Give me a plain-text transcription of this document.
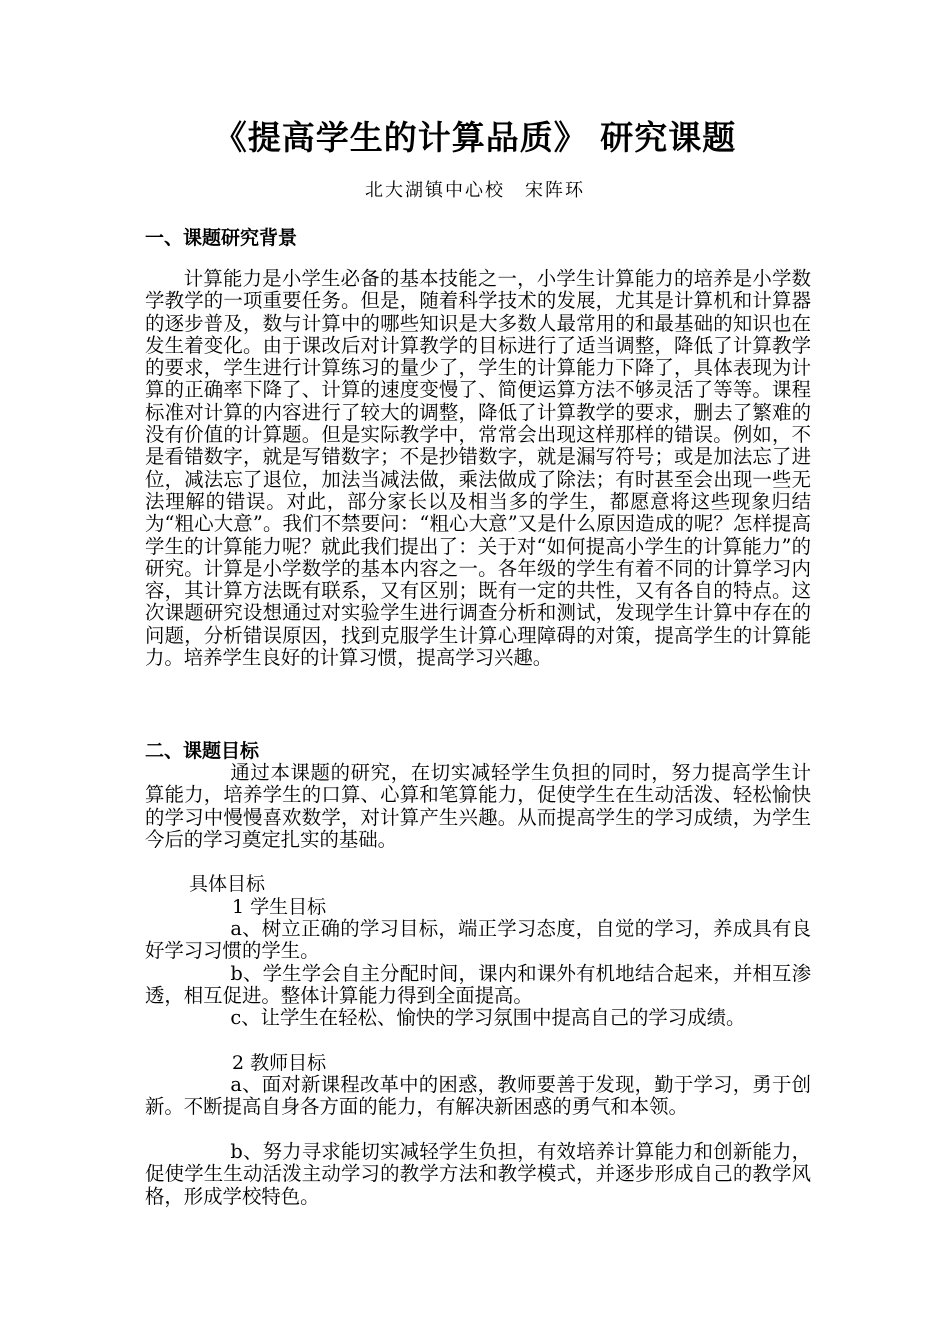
《提高学生的计算品质》 研究课题
北大湖镇中心校　宋阵环
一、课题研究背景

计算能力是小学生必备的基本技能之一，小学生计算能力的培养是小学数学教学的一项重要任务。但是，随着科学技术的发展，尤其是计算机和计算器的逐步普及，数与计算中的哪些知识是大多数人最常用的和最基础的知识也在发生着变化。由于课改后对计算教学的目标进行了适当调整，降低了计算教学的要求，学生进行计算练习的量少了，学生的计算能力下降了，具体表现为计算的正确率下降了、计算的速度变慢了、简便运算方法不够灵活了等等。课程标准对计算的内容进行了较大的调整，降低了计算教学的要求，删去了繁难的没有价值的计算题。但是实际教学中，常常会出现这样那样的错误。例如，不是看错数字，就是写错数字；不是抄错数字，就是漏写符号；或是加法忘了进位，减法忘了退位，加法当减法做，乘法做成了除法；有时甚至会出现一些无法理解的错误。对此，部分家长以及相当多的学生，都愿意将这些现象归结为“粗心大意”。我们不禁要问：“粗心大意”又是什么原因造成的呢？怎样提高学生的计算能力呢？就此我们提出了：关于对“如何提高小学生的计算能力”的研究。计算是小学数学的基本内容之一。各年级的学生有着不同的计算学习内容，其计算方法既有联系，又有区别；既有一定的共性，又有各自的特点。这次课题研究设想通过对实验学生进行调查分析和测试，发现学生计算中存在的问题，分析错误原因，找到克服学生计算心理障碍的对策，提高学生的计算能力。培养学生良好的计算习惯，提高学习兴趣。

二、课题目标

通过本课题的研究，在切实减轻学生负担的同时，努力提高学生计算能力，培养学生的口算、心算和笔算能力，促使学生在生动活泼、轻松愉快的学习中慢慢喜欢数学，对计算产生兴趣。从而提高学生的学习成绩，为学生今后的学习奠定扎实的基础。

具体目标
1 学生目标

a、树立正确的学习目标，端正学习态度，自觉的学习，养成具有良好学习习惯的学生。

b、学生学会自主分配时间，课内和课外有机地结合起来，并相互渗透，相互促进。整体计算能力得到全面提高。

c、让学生在轻松、愉快的学习氛围中提高自己的学习成绩。

2 教师目标

a、面对新课程改革中的困惑，教师要善于发现，勤于学习，勇于创新。不断提高自身各方面的能力，有解决新困惑的勇气和本领。

b、努力寻求能切实减轻学生负担，有效培养计算能力和创新能力，促使学生生动活泼主动学习的教学方法和教学模式，并逐步形成自己的教学风格，形成学校特色。
